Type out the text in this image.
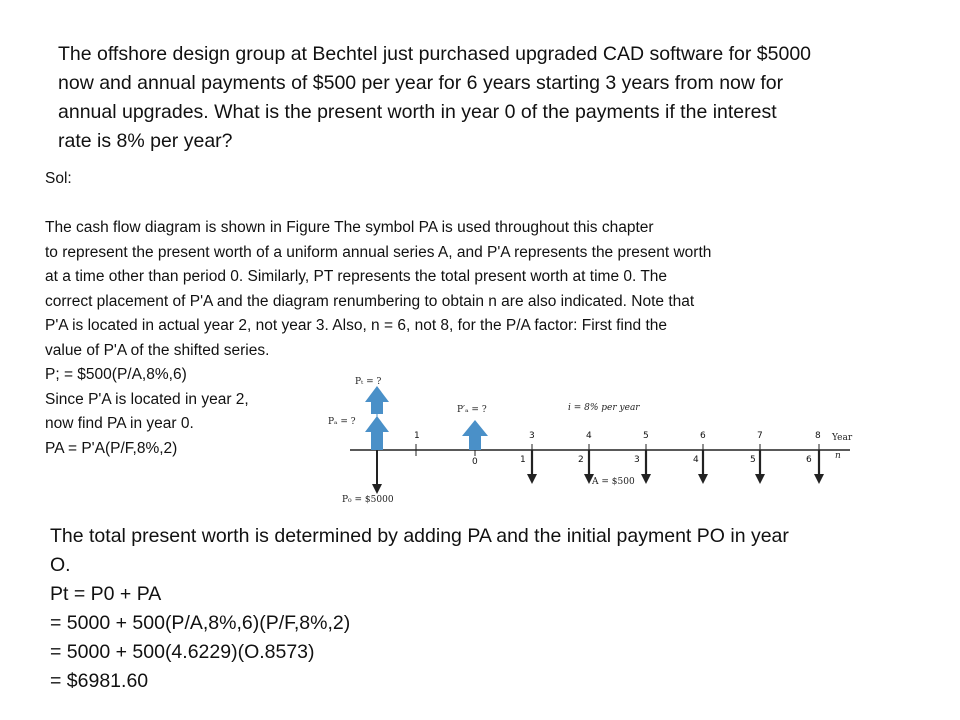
The offshore design group at Bechtel just purchased upgraded CAD software for $5000

now and annual payments of $500 per year for 6 years starting 3 years from now for

annual upgrades. What is the present worth in year 0 of the payments if the interest

rate is 8% per year?

Sol:
The cash flow diagram is shown in Figure The symbol PA is used throughout this chapter
to represent the present worth of a uniform annual series A, and P'A represents the present worth
at a time other than period 0. Similarly, PT represents the total present worth at time 0. The
correct placement of P'A and the diagram renumbering to obtain n are also indicated. Note that
P'A is located in actual year 2, not year 3. Also, n = 6, not 8, for the P/A factor: First ﬁnd the
value of P'A of the shifted series.
P; = $500(P/A,8%,6)
Since P'A is located in year 2,
now ﬁnd PA in year 0.
PA = P'A(P/F,8%,2)
1	3	4	5	6	7	8 Year
0	1	2	3	4	5	6	n
i = 8% per year
Pₜ = ?
Pₐ = ?
P′ₐ = ?
P₀ = $5000
A = $500
The total present worth is determined by adding PA and the initial payment PO in year
O.
Pt = P0 + PA
= 5000 + 500(P/A,8%,6)(P/F,8%,2)
= 5000 + 500(4.6229)(O.8573)
= $6981.60
